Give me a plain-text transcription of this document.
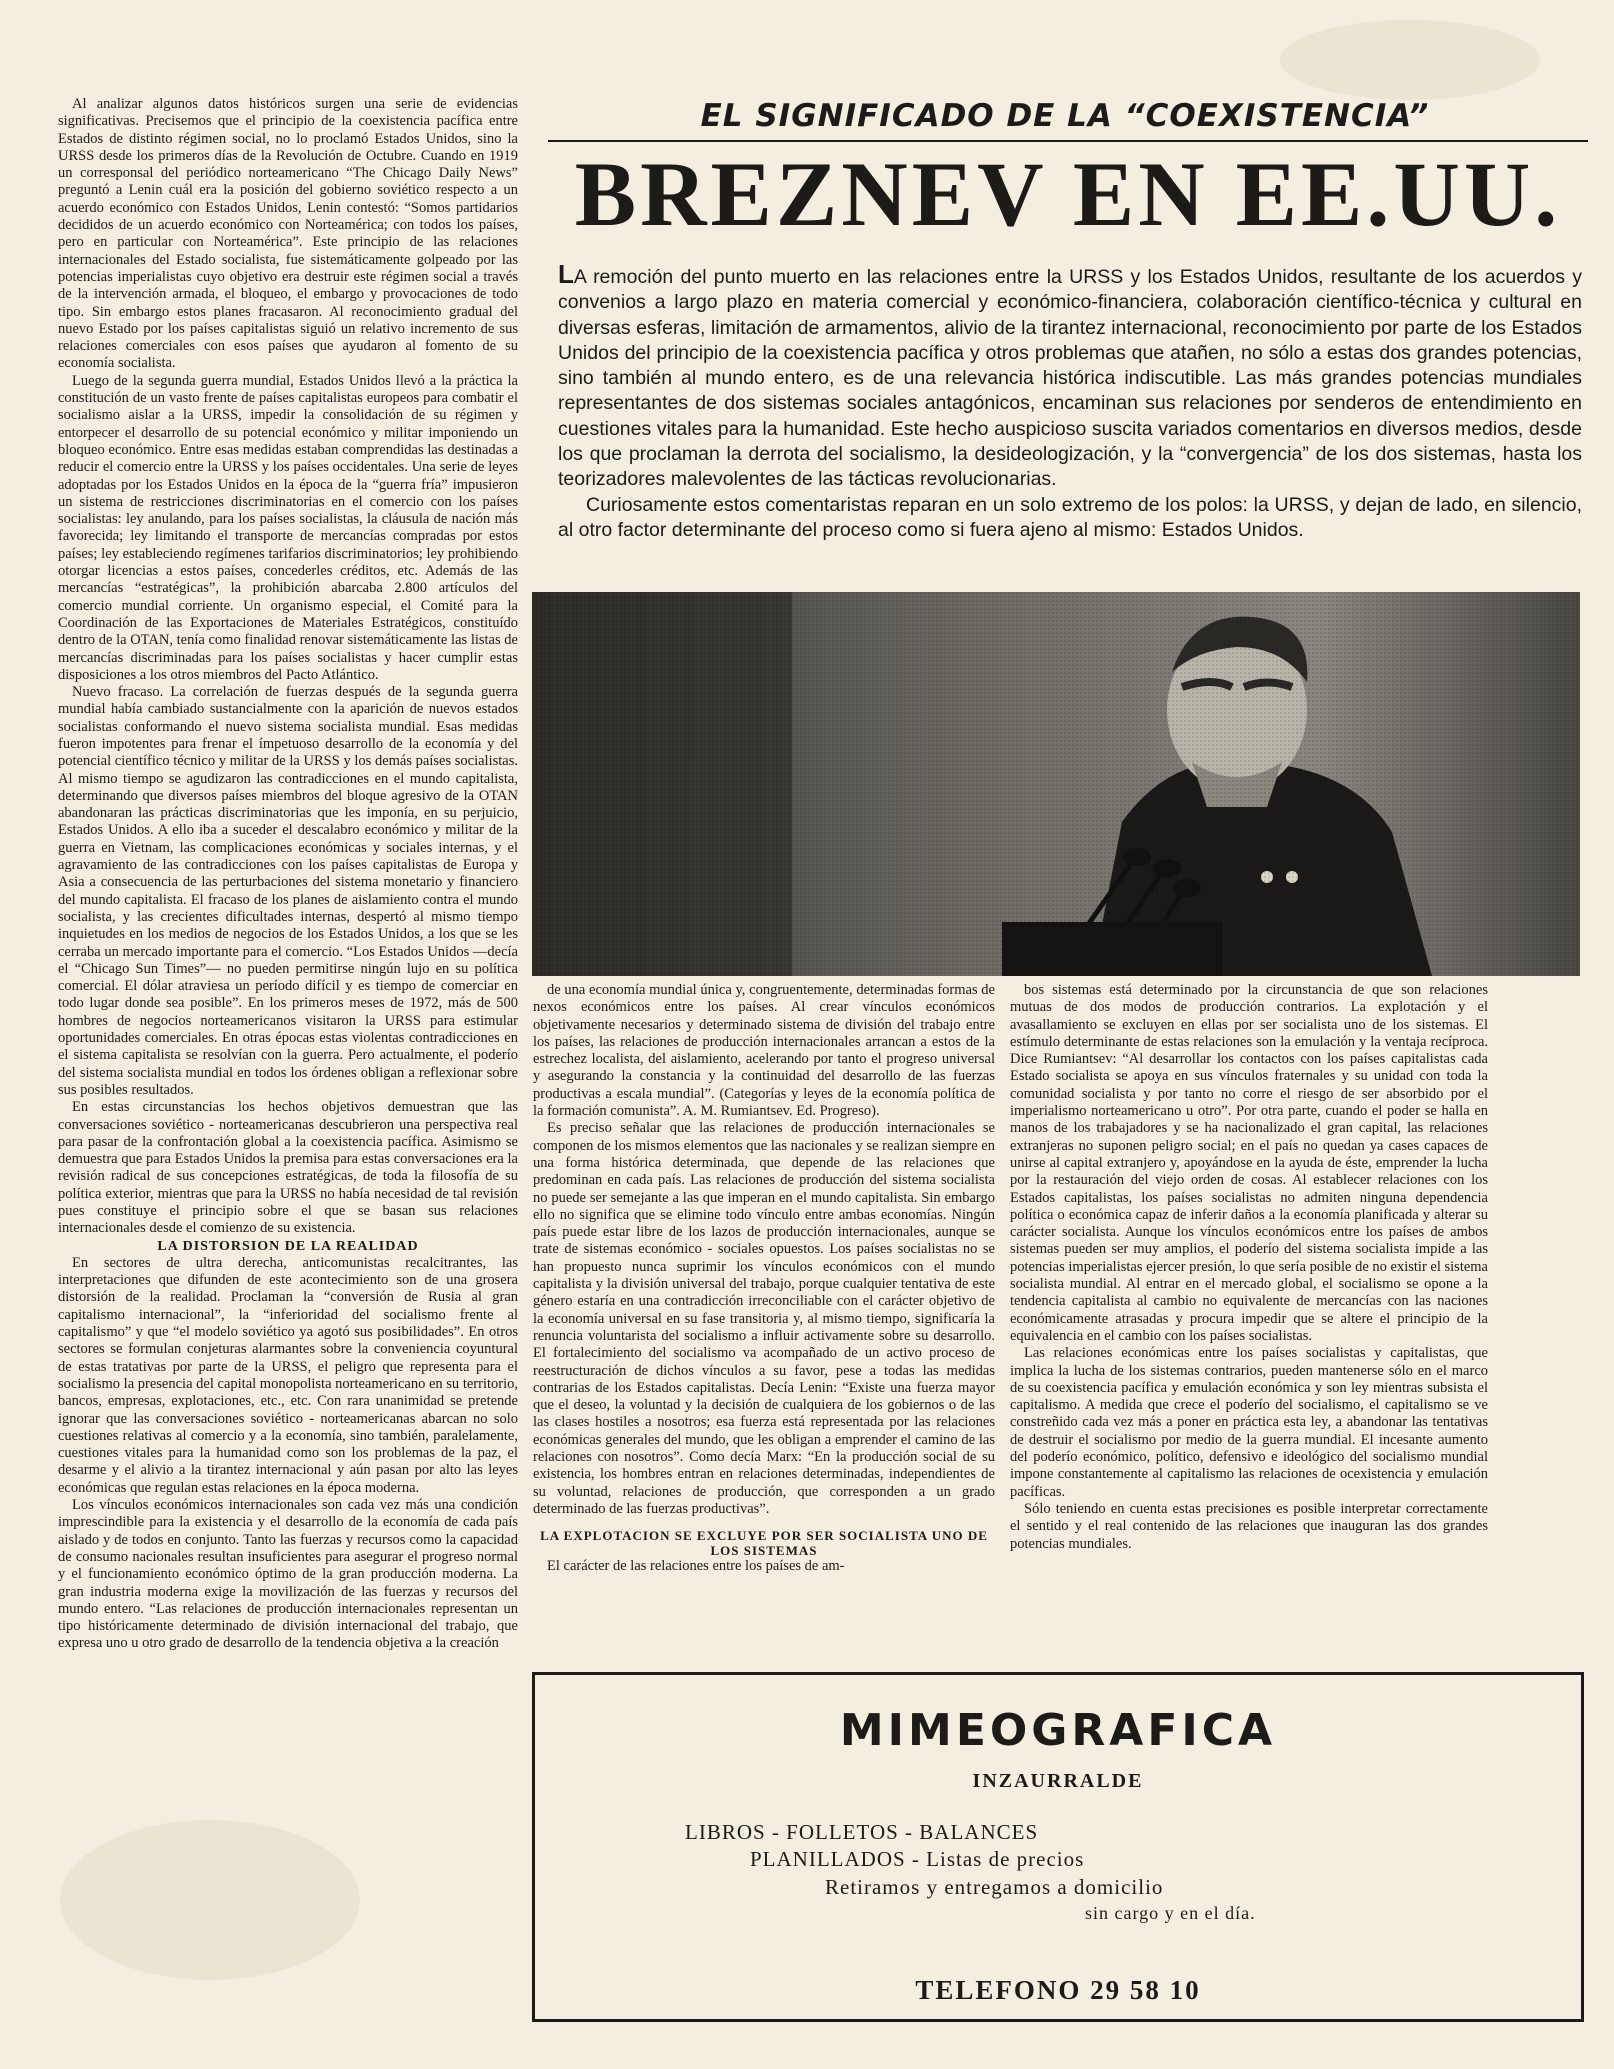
Al analizar algunos datos históricos surgen una serie de evidencias significativas. Precisemos que el principio de la coexistencia pacífica entre Estados de distinto régimen social, no lo proclamó Estados Unidos, sino la URSS desde los primeros días de la Revolución de Octubre. Cuando en 1919 un corresponsal del periódico norteamericano “The Chicago Daily News” preguntó a Lenin cuál era la posición del gobierno soviético respecto a un acuerdo económico con Estados Unidos, Lenin contestó: “Somos partidarios decididos de un acuerdo económico con Norteamérica; con todos los países, pero en particular con Norteamérica”. Este principio de las relaciones internacionales del Estado socialista, fue sistemáticamente golpeado por las potencias imperialistas cuyo objetivo era destruir este régimen social a través de la intervención armada, el bloqueo, el embargo y provocaciones de todo tipo. Sin embargo estos planes fracasaron. Al reconocimiento gradual del nuevo Estado por los países capitalistas siguió un relativo incremento de sus relaciones comerciales con esos países que ayudaron al fomento de su economía socialista.

Luego de la segunda guerra mundial, Estados Unidos llevó a la práctica la constitución de un vasto frente de países capitalistas europeos para combatir el socialismo aislar a la URSS, impedir la consolidación de su régimen y entorpecer el desarrollo de su potencial económico y militar imponiendo un bloqueo económico. Entre esas medidas estaban comprendidas las destinadas a reducir el comercio entre la URSS y los países occidentales. Una serie de leyes adoptadas por los Estados Unidos en la época de la “guerra fría” impusieron un sistema de restricciones discriminatorias en el comercio con los países socialistas: ley anulando, para los países socialistas, la cláusula de nación más favorecida; ley limitando el transporte de mercancías compradas por estos países; ley estableciendo regímenes tarifarios discriminatorios; ley prohibiendo otorgar licencias a estos países, concederles créditos, etc. Además de las mercancías “estratégicas”, la prohibición abarcaba 2.800 artículos del comercio mundial corriente. Un organismo especial, el Comité para la Coordinación de las Exportaciones de Materiales Estratégicos, constituído dentro de la OTAN, tenía como finalidad renovar sistemáticamente las listas de mercancías discriminadas para los países socialistas y hacer cumplir estas disposiciones a los otros miembros del Pacto Atlántico.

Nuevo fracaso. La correlación de fuerzas después de la segunda guerra mundial había cambiado sustancialmente con la aparición de nuevos estados socialistas conformando el nuevo sistema socialista mundial. Esas medidas fueron impotentes para frenar el ímpetuoso desarrollo de la economía y del potencial científico técnico y militar de la URSS y los demás países socialistas. Al mismo tiempo se agudizaron las contradicciones en el mundo capitalista, determinando que diversos países miembros del bloque agresivo de la OTAN abandonaran las prácticas discriminatorias que les imponía, en su perjuicio, Estados Unidos. A ello iba a suceder el descalabro económico y militar de la guerra en Vietnam, las complicaciones económicas y sociales internas, y el agravamiento de las contradicciones con los países capitalistas de Europa y Asia a consecuencia de las perturbaciones del sistema monetario y financiero del mundo capitalista. El fracaso de los planes de aislamiento contra el mundo socialista, y las crecientes dificultades internas, despertó al mismo tiempo inquietudes en los medios de negocios de los Estados Unidos, a los que se les cerraba un mercado importante para el comercio. “Los Estados Unidos —decía el “Chicago Sun Times”— no pueden permitirse ningún lujo en su política comercial. El dólar atraviesa un período difícil y es tiempo de comerciar en todo lugar donde sea posible”. En los primeros meses de 1972, más de 500 hombres de negocios norteamericanos visitaron la URSS para estimular oportunidades comerciales. En otras épocas estas violentas contradicciones en el sistema capitalista se resolvían con la guerra. Pero actualmente, el poderío del sistema socialista mundial en todos los órdenes obligan a reflexionar sobre sus posibles resultados.

En estas circunstancias los hechos objetivos demuestran que las conversaciones soviético - norteamericanas descubrieron una perspectiva real para pasar de la confrontación global a la coexistencia pacífica. Asimismo se demuestra que para Estados Unidos la premisa para estas conversaciones era la revisión radical de sus concepciones estratégicas, de toda la filosofía de su política exterior, mientras que para la URSS no había necesidad de tal revisión pues constituye el principio sobre el que se basan sus relaciones internacionales desde el comienzo de su existencia.

LA DISTORSION DE LA REALIDAD

En sectores de ultra derecha, anticomunistas recalcitrantes, las interpretaciones que difunden de este acontecimiento son de una grosera distorsión de la realidad. Proclaman la “conversión de Rusia al gran capitalismo internacional”, la “inferioridad del socialismo frente al capitalismo” y que “el modelo soviético ya agotó sus posibilidades”. En otros sectores se formulan conjeturas alarmantes sobre la conveniencia coyuntural de estas tratativas por parte de la URSS, el peligro que representa para el socialismo la presencia del capital monopolista norteamericano en su territorio, bancos, empresas, explotaciones, etc., etc. Con rara unanimidad se pretende ignorar que las conversaciones soviético - norteamericanas abarcan no solo cuestiones relativas al comercio y a la economía, sino también, paralelamente, cuestiones vitales para la humanidad como son los problemas de la paz, el desarme y el alivio a la tirantez internacional y aún pasan por alto las leyes económicas que regulan estas relaciones en la época moderna.

Los vínculos económicos internacionales son cada vez más una condición imprescindible para la existencia y el desarrollo de la economía de cada país aislado y de todos en conjunto. Tanto las fuerzas y recursos como la capacidad de consumo nacionales resultan insuficientes para asegurar el progreso normal y el funcionamiento económico óptimo de la gran producción moderna. La gran industria moderna exige la movilización de las fuerzas y recursos del mundo entero. “Las relaciones de producción internacionales representan un tipo históricamente determinado de división internacional del trabajo, que expresa uno u otro grado de desarrollo de la tendencia objetiva a la creación

EL SIGNIFICADO DE LA “COEXISTENCIA”
BREZNEV EN EE.UU.

LA remoción del punto muerto en las relaciones entre la URSS y los Estados Unidos, resultante de los acuerdos y convenios a largo plazo en materia comercial y económico-financiera, colaboración científico-técnica y cultural en diversas esferas, limitación de armamentos, alivio de la tirantez internacional, reconocimiento por parte de los Estados Unidos del principio de la coexistencia pacífica y otros problemas que atañen, no sólo a estas dos grandes potencias, sino también al mundo entero, es de una relevancia histórica indiscutible. Las más grandes potencias mundiales representantes de dos sistemas sociales antagónicos, encaminan sus relaciones por senderos de entendimiento en cuestiones vitales para la humanidad. Este hecho auspicioso suscita variados comentarios en diversos medios, desde los que proclaman la derrota del socialismo, la desideologización, y la “convergencia” de los dos sistemas, hasta los teorizadores malevolentes de las tácticas revolucionarias.

Curiosamente estos comentaristas reparan en un solo extremo de los polos: la URSS, y dejan de lado, en silencio, al otro factor determinante del proceso como si fuera ajeno al mismo: Estados Unidos.

de una economía mundial única y, congruentemente, determinadas formas de nexos económicos entre los países. Al crear vínculos económicos objetivamente necesarios y determinado sistema de división del trabajo entre los países, las relaciones de producción internacionales arrancan a estos de la estrechez localista, del aislamiento, acelerando por tanto el progreso universal y asegurando la constancia y la continuidad del desarrollo de las fuerzas productivas a escala mundial”. (Categorías y leyes de la economía política de la formación comunista”. A. M. Rumiantsev. Ed. Progreso).

Es preciso señalar que las relaciones de producción internacionales se componen de los mismos elementos que las nacionales y se realizan siempre en una forma histórica determinada, que depende de las relaciones que predominan en cada país. Las relaciones de producción del sistema socialista no puede ser semejante a las que imperan en el mundo capitalista. Sin embargo ello no significa que se elimine todo vínculo entre ambas economías. Ningún país puede estar libre de los lazos de producción internacionales, aunque se trate de sistemas económico - sociales opuestos. Los países socialistas no se han propuesto nunca suprimir los vínculos económicos con el mundo capitalista y la división universal del trabajo, porque cualquier tentativa de este género estaría en una contradicción irreconciliable con el carácter objetivo de la economía universal en su fase transitoria y, al mismo tiempo, significaría la renuncia voluntarista del socialismo a influir activamente sobre su desarrollo. El fortalecimiento del socialismo va acompañado de un activo proceso de reestructuración de dichos vínculos a su favor, pese a todas las medidas contrarias de los Estados capitalistas. Decía Lenin: “Existe una fuerza mayor que el deseo, la voluntad y la decisión de cualquiera de los gobiernos o de las las clases hostiles a nosotros; esa fuerza está representada por las relaciones económicas generales del mundo, que les obligan a emprender el camino de las relaciones con nosotros”. Como decía Marx: “En la producción social de su existencia, los hombres entran en relaciones determinadas, independientes de su voluntad, relaciones de producción, que corresponden a un grado determinado de las fuerzas productivas”.

LA EXPLOTACION SE EXCLUYE POR SER SOCIALISTA UNO DE LOS SISTEMAS

El carácter de las relaciones entre los países de am-

bos sistemas está determinado por la circunstancia de que son relaciones mutuas de dos modos de producción contrarios. La explotación y el avasallamiento se excluyen en ellas por ser socialista uno de los sistemas. El estímulo determinante de estas relaciones son la emulación y la ventaja recíproca. Dice Rumiantsev: “Al desarrollar los contactos con los países capitalistas cada Estado socialista se apoya en sus vínculos fraternales y su unidad con toda la comunidad socialista y por tanto no corre el riesgo de ser absorbido por el imperialismo norteamericano u otro”. Por otra parte, cuando el poder se halla en manos de los trabajadores y se ha nacionalizado el gran capital, las relaciones extranjeras no suponen peligro social; en el país no quedan ya cases capaces de unirse al capital extranjero y, apoyándose en la ayuda de éste, emprender la lucha por la restauración del viejo orden de cosas. Al establecer relaciones con los Estados capitalistas, los países socialistas no admiten ninguna dependencia política o económica capaz de inferir daños a la economía planificada y alterar su carácter socialista. Aunque los vínculos económicos entre los países de ambos sistemas pueden ser muy amplios, el poderío del sistema socialista impide a las potencias imperialistas ejercer presión, lo que sería posible de no existir el sistema socialista mundial. Al entrar en el mercado global, el socialismo se opone a la tendencia capitalista al cambio no equivalente de mercancías con las naciones económicamente atrasadas y procura impedir que se altere el principio de la equivalencia en el cambio con los países socialistas.

Las relaciones económicas entre los países socialistas y capitalistas, que implica la lucha de los sistemas contrarios, pueden mantenerse sólo en el marco de su coexistencia pacífica y emulación económica y son ley mientras subsista el capitalismo. A medida que crece el poderío del socialismo, el capitalismo se ve constreñido cada vez más a poner en práctica esta ley, a abandonar las tentativas de destruir el socialismo por medio de la guerra mundial. El incesante aumento del poderío económico, político, defensivo e ideológico del socialismo mundial impone constantemente al capitalismo las relaciones de ocexistencia y emulación pacíficas.

Sólo teniendo en cuenta estas precisiones es posible interpretar correctamente el sentido y el real contenido de las relaciones que inauguran las dos grandes potencias mundiales.

MIMEOGRAFICA
INZAURRALDE
LIBROS - FOLLETOS - BALANCES
PLANILLADOS - Listas de precios
Retiramos y entregamos a domicilio
sin cargo y en el día.
TELEFONO 29 58 10
